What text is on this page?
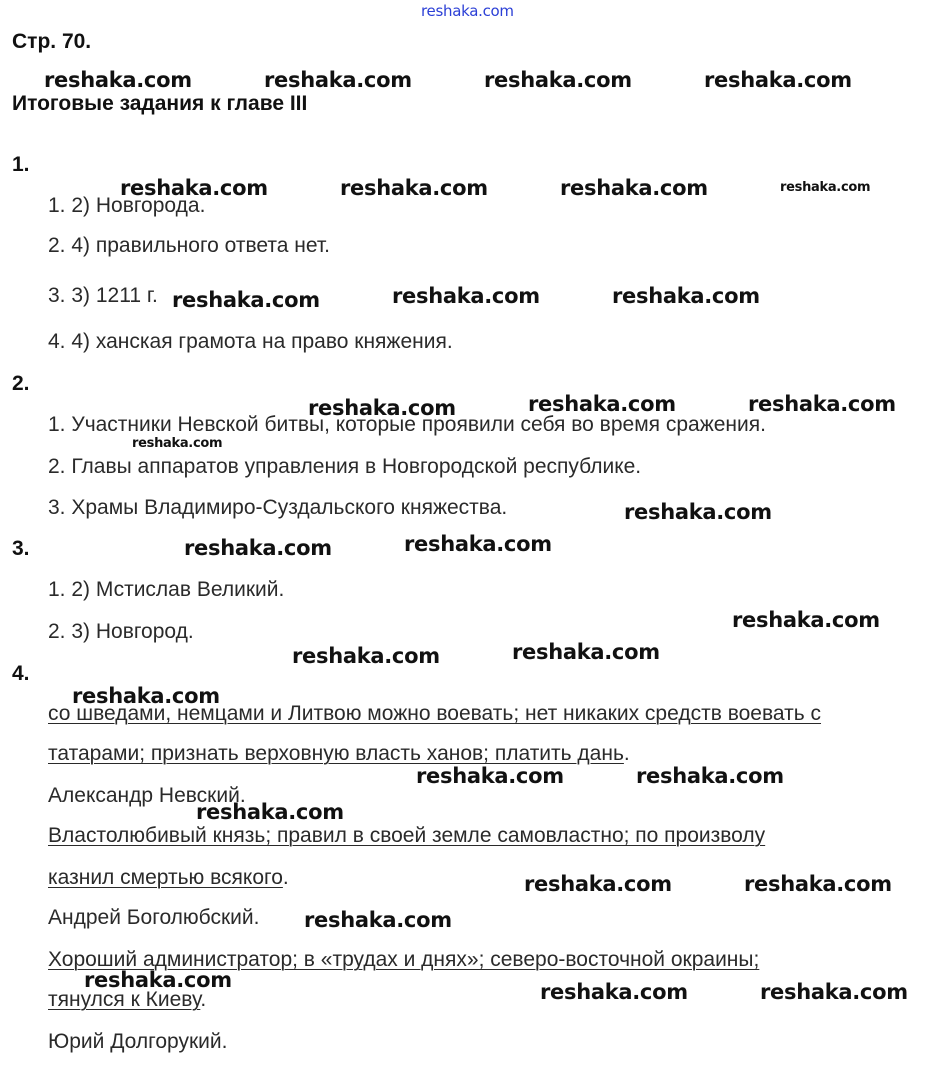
reshaka.com
Стр. 70.
Итоговые задания к главе III
1.
1. 2) Новгорода.
2. 4) правильного ответа нет.
3. 3) 1211 г.
4. 4) ханская грамота на право княжения.
2.
1. Участники Невской битвы, которые проявили себя во время сражения.
2. Главы аппаратов управления в Новгородской республике.
3. Храмы Владимиро-Суздальского княжества.
3.
1. 2) Мстислав Великий.
2. 3) Новгород.
4.
со шведами, немцами и Литвою можно воевать; нет никаких средств воевать с
татарами; признать верховную власть ханов; платить дань.
Александр Невский.
Властолюбивый князь; правил в своей земле самовластно; по произволу
казнил смертью всякого.
Андрей Боголюбский.
Хороший администратор; в «трудах и днях»; северо-восточной окраины;
тянулся к Киеву.
Юрий Долгорукий.
reshaka.com	reshaka.com	reshaka.com	reshaka.com
reshaka.com	reshaka.com	reshaka.com	reshaka.com
reshaka.com	reshaka.com	reshaka.com
reshaka.com	reshaka.com	reshaka.com
reshaka.com
reshaka.com
reshaka.com	reshaka.com
reshaka.com
reshaka.com	reshaka.com
reshaka.com
reshaka.com	reshaka.com
reshaka.com
reshaka.com	reshaka.com
reshaka.com
reshaka.com	reshaka.com	reshaka.com
